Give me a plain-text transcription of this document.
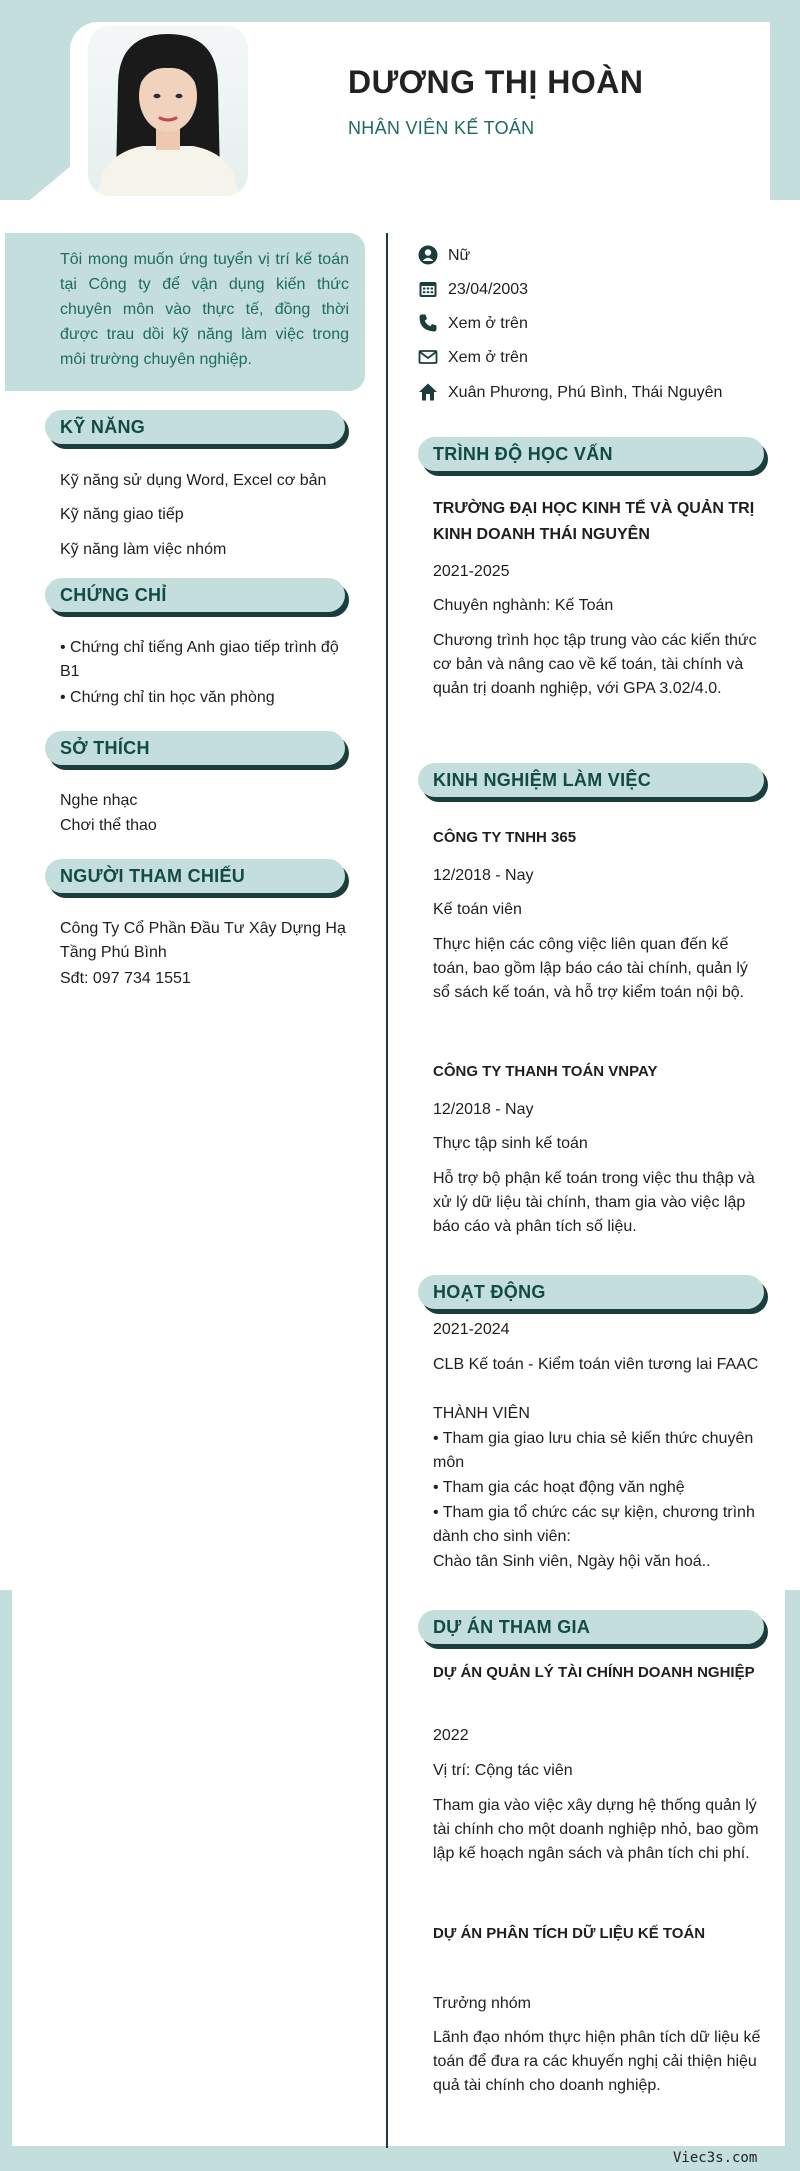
DƯƠNG THỊ HOÀN
NHÂN VIÊN KẾ TOÁN

Tôi mong muốn ứng tuyển vị trí kế toán tại Công ty để vận dụng kiến thức chuyên môn vào thực tế, đồng thời được trau dồi kỹ năng làm việc trong môi trường chuyên nghiệp.

KỸ NĂNG
Kỹ năng sử dụng Word, Excel cơ bản
Kỹ năng giao tiếp
Kỹ năng làm việc nhóm
CHỨNG CHỈ
• Chứng chỉ tiếng Anh giao tiếp trình độ B1
• Chứng chỉ tin học văn phòng
SỞ THÍCH
Nghe nhạc
Chơi thể thao
NGƯỜI THAM CHIẾU
Công Ty Cổ Phần Đầu Tư Xây Dựng Hạ Tầng Phú Bình
Sđt: 097 734 1551
Nữ
23/04/2003
Xem ở trên
Xem ở trên
Xuân Phương, Phú Bình, Thái Nguyên
TRÌNH ĐỘ HỌC VẤN
TRƯỜNG ĐẠI HỌC KINH TẾ VÀ QUẢN TRỊ KINH DOANH THÁI NGUYÊN
2021-2025
Chuyên nghành: Kế Toán
Chương trình học tập trung vào các kiến thức cơ bản và nâng cao về kế toán, tài chính và quản trị doanh nghiệp, với GPA 3.02/4.0.
KINH NGHIỆM LÀM VIỆC
CÔNG TY TNHH 365
12/2018 - Nay
Kế toán viên
Thực hiện các công việc liên quan đến kế toán, bao gồm lập báo cáo tài chính, quản lý sổ sách kế toán, và hỗ trợ kiểm toán nội bộ.
CÔNG TY THANH TOÁN VNPAY
12/2018 - Nay
Thực tập sinh kế toán
Hỗ trợ bộ phận kế toán trong việc thu thập và xử lý dữ liệu tài chính, tham gia vào việc lập báo cáo và phân tích số liệu.
HOẠT ĐỘNG
2021-2024
CLB Kế toán - Kiểm toán viên tương lai FAAC
THÀNH VIÊN
• Tham gia giao lưu chia sẻ kiến thức chuyên môn
• Tham gia các hoạt động văn nghệ
• Tham gia tổ chức các sự kiện, chương trình dành cho sinh viên:
Chào tân Sinh viên, Ngày hội văn hoá..
DỰ ÁN THAM GIA
DỰ ÁN QUẢN LÝ TÀI CHÍNH DOANH NGHIỆP
2022
Vị trí: Cộng tác viên
Tham gia vào việc xây dựng hệ thống quản lý tài chính cho một doanh nghiệp nhỏ, bao gồm lập kế hoạch ngân sách và phân tích chi phí.
DỰ ÁN PHÂN TÍCH DỮ LIỆU KẾ TOÁN
Trưởng nhóm
Lãnh đạo nhóm thực hiện phân tích dữ liệu kế toán để đưa ra các khuyến nghị cải thiện hiệu quả tài chính cho doanh nghiệp.
Viec3s.com
